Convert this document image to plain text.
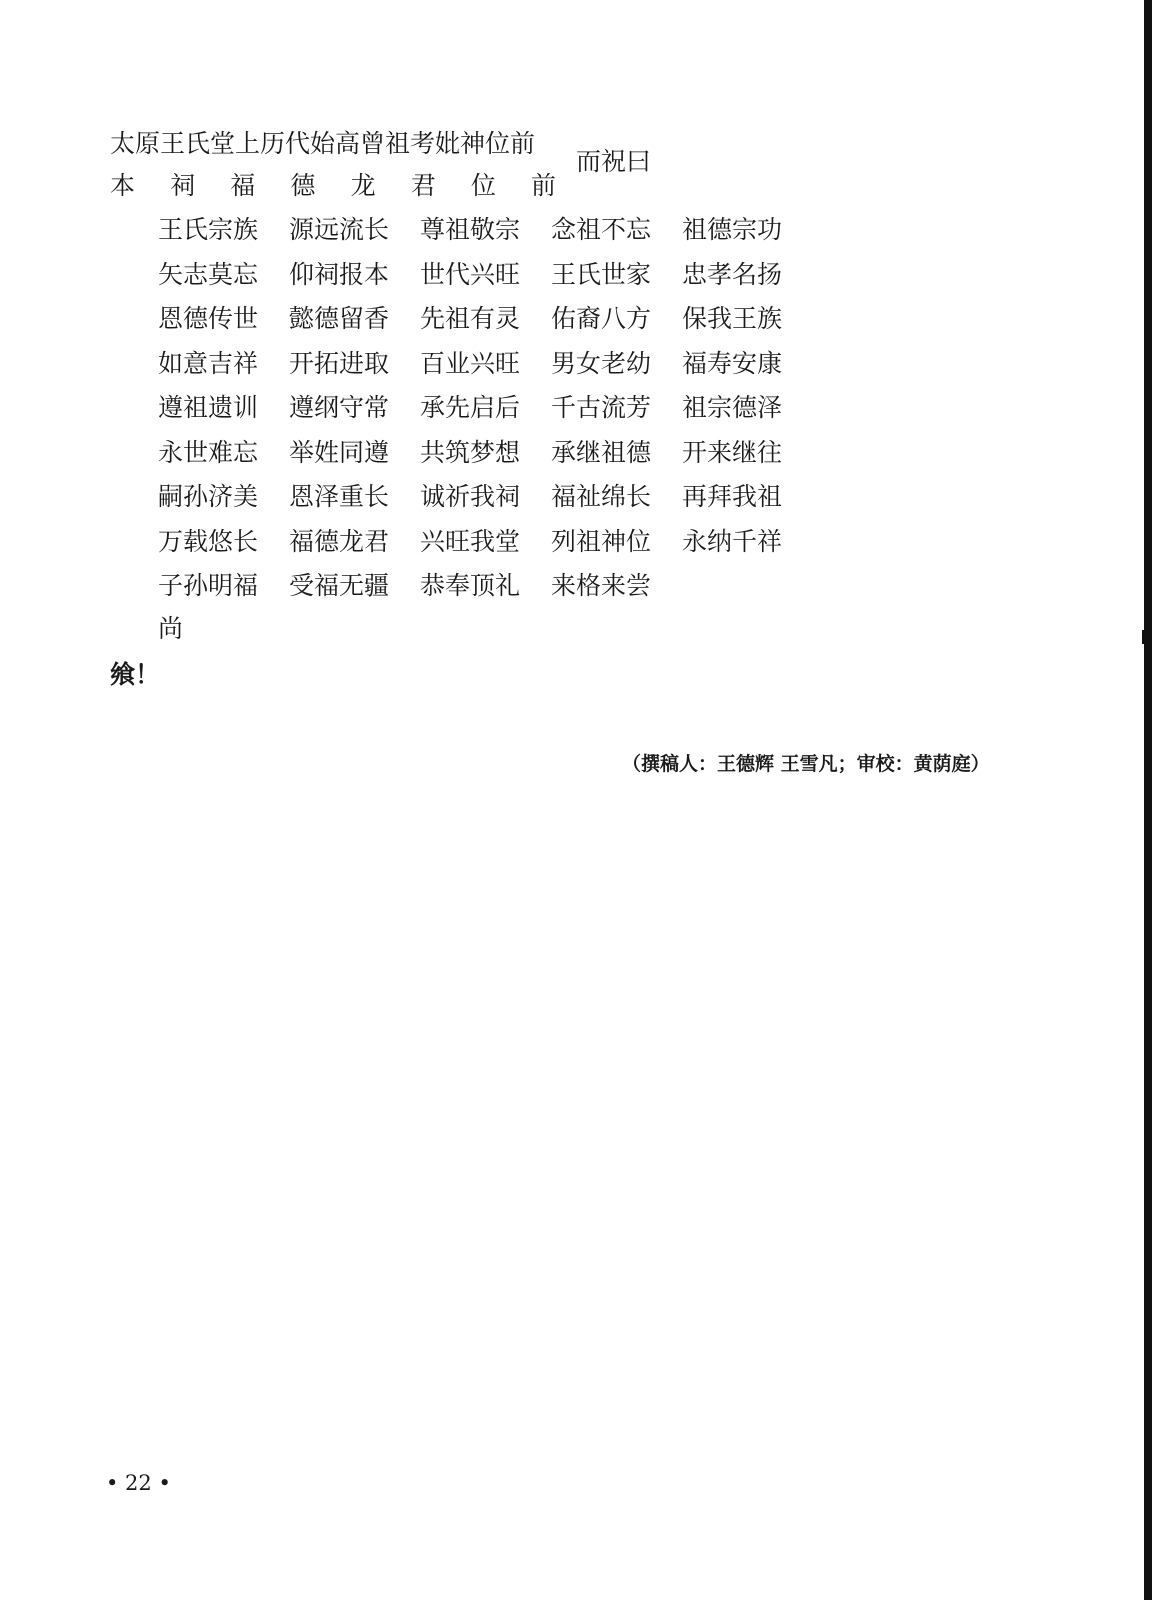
太原王氏堂上历代始高曾祖考妣神位前
本 祠 福 德 龙 君 位 前
而祝曰
王氏宗族	源远流长	尊祖敬宗	念祖不忘	祖德宗功
矢志莫忘	仰祠报本	世代兴旺	王氏世家	忠孝名扬
恩德传世	懿德留香	先祖有灵	佑裔八方	保我王族
如意吉祥	开拓进取	百业兴旺	男女老幼	福寿安康
遵祖遗训	遵纲守常	承先启后	千古流芳	祖宗德泽
永世难忘	举姓同遵	共筑梦想	承继祖德	开来继往
嗣孙济美	恩泽重长	诚祈我祠	福祉绵长	再拜我祖
万载悠长	福德龙君	兴旺我堂	列祖神位	永纳千祥
子孙明福	受福无疆	恭奉顶礼	来格来尝
尚
飨！
（撰稿人：王德辉 王雪凡；审校：黄荫庭）
• 22 •
